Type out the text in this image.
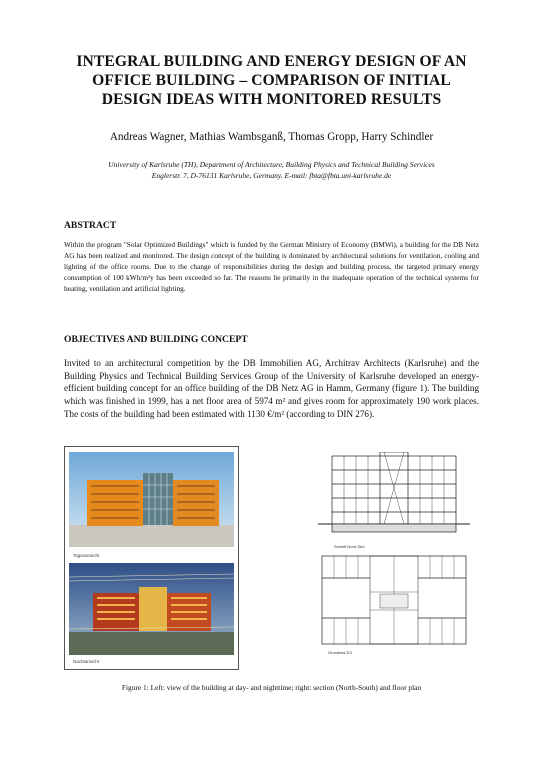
INTEGRAL BUILDING AND ENERGY DESIGN OF AN
OFFICE BUILDING – COMPARISON OF INITIAL
DESIGN IDEAS WITH MONITORED RESULTS
Andreas Wagner, Mathias Wambsganß, Thomas Gropp, Harry Schindler
University of Karlsruhe (TH), Department of Architecture, Building Physics and Technical Building Services
Englerstr. 7, D-76131 Karlsruhe, Germany. E-mail: fbta@fbta.uni-karlsruhe.de
ABSTRACT
Within the program "Solar Optimized Buildings" which is funded by the German Ministry of Economy (BMWi), a building for the DB Netz AG has been realized and monitored. The design concept of the building is dominated by architectural solutions for ventilation, cooling and lighting of the office rooms. Due to the change of responsibilities during the design and building process, the targeted primary energy consumption of 100 kWh/m²y has been exceeded so far. The reasons lie primarily in the inadequate operation of the technical systems for heating, ventilation and artificial lighting.
OBJECTIVES AND BUILDING CONCEPT
Invited to an architectural competition by the DB Immobilien AG, Architrav Architects (Karlsruhe) and the Building Physics and Technical Building Services Group of the University of Karlsruhe developed an energy-efficient building concept for an office building of the DB Netz AG in Hamm, Germany (figure 1). The building which was finished in 1999, has a net floor area of 5974 m² and gives room for approximately 190 work places. The costs of the building had been estimated with 1130 €/m² (according to DIN 276).
Tagesansicht
Nachtansicht
Schnitt Nord-Süd
Grundriss EG
Figure 1: Left: view of the building at day- and nighttime; right: section (North-South) and floor plan
